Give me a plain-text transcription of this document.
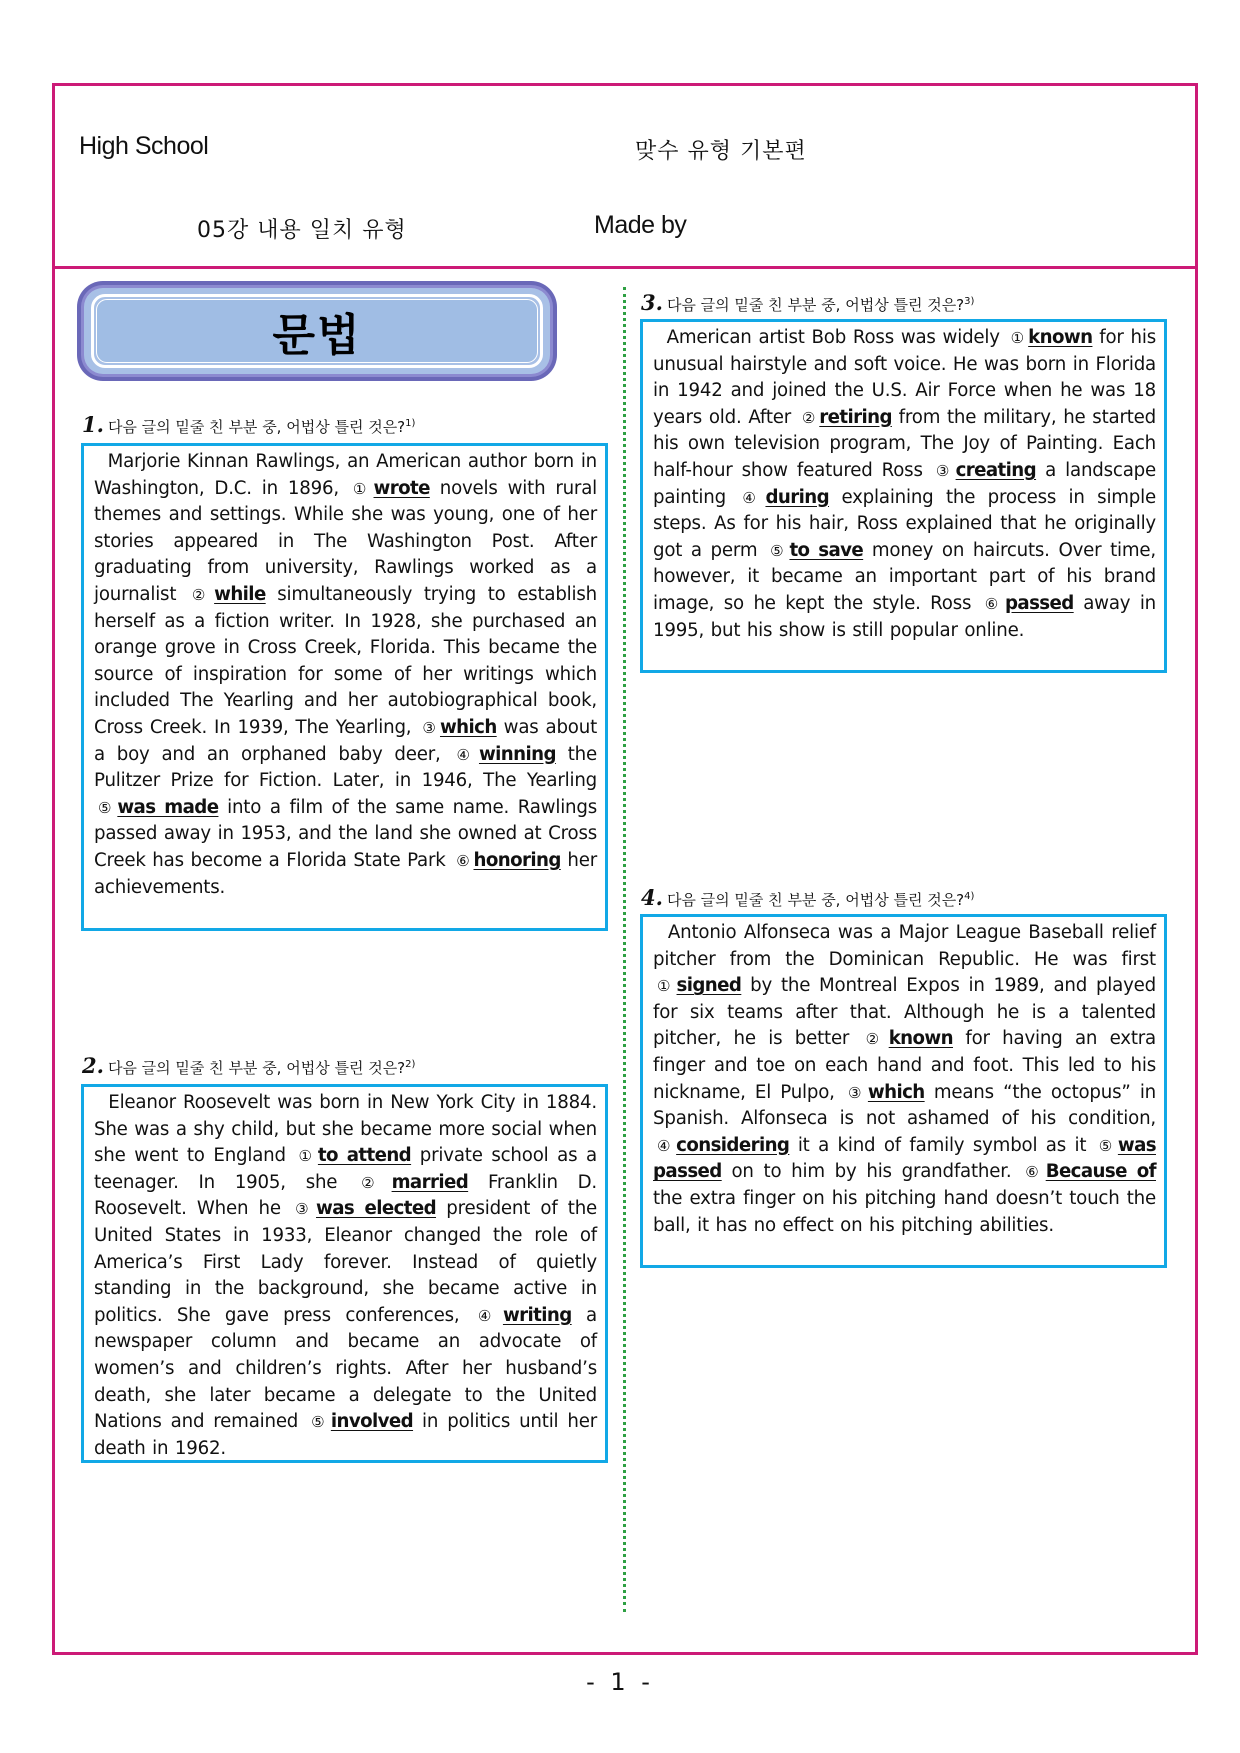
High School	맞수 유형 기본편
05강 내용 일치 유형	Made by
문법
1. 다음 글의 밑줄 친 부분 중, 어법상 틀린 것은?$^{1)}$
Marjorie Kinnan Rawlings, an American author born in Washington, D.C. in 1896, ① wrote novels with rural themes and settings. While she was young, one of her stories appeared in The Washington Post. After graduating from university, Rawlings worked as a journalist ② while simultaneously trying to establish herself as a fiction writer. In 1928, she purchased an orange grove in Cross Creek, Florida. This became the source of inspiration for some of her writings which included The Yearling and her autobiographical book, Cross Creek. In 1939, The Yearling, ③ which was about a boy and an orphaned baby deer, ④ winning the Pulitzer Prize for Fiction. Later, in 1946, The Yearling ⑤ was made into a film of the same name. Rawlings passed away in 1953, and the land she owned at Cross Creek has become a Florida State Park ⑥ honoring her achievements.
2. 다음 글의 밑줄 친 부분 중, 어법상 틀린 것은?$^{2)}$
Eleanor Roosevelt was born in New York City in 1884. She was a shy child, but she became more social when she went to England ① to attend private school as a teenager. In 1905, she ② married Franklin D. Roosevelt. When he ③ was elected president of the United States in 1933, Eleanor changed the role of America’s First Lady forever. Instead of quietly standing in the background, she became active in politics. She gave press conferences, ④ writing a newspaper column and became an advocate of women’s and children’s rights. After her husband’s death, she later became a delegate to the United Nations and remained ⑤ involved in politics until her death in 1962.
3. 다음 글의 밑줄 친 부분 중, 어법상 틀린 것은?$^{3)}$
American artist Bob Ross was widely ① known for his unusual hairstyle and soft voice. He was born in Florida in 1942 and joined the U.S. Air Force when he was 18 years old. After ② retiring from the military, he started his own television program, The Joy of Painting. Each half-hour show featured Ross ③ creating a landscape painting ④ during explaining the process in simple steps. As for his hair, Ross explained that he originally got a perm ⑤ to save money on haircuts. Over time, however, it became an important part of his brand image, so he kept the style. Ross ⑥ passed away in 1995, but his show is still popular online.
4. 다음 글의 밑줄 친 부분 중, 어법상 틀린 것은?$^{4)}$
Antonio Alfonseca was a Major League Baseball relief pitcher from the Dominican Republic. He was first ① signed by the Montreal Expos in 1989, and played for six teams after that. Although he is a talented pitcher, he is better ② known for having an extra finger and toe on each hand and foot. This led to his nickname, El Pulpo, ③ which means “the octopus” in Spanish. Alfonseca is not ashamed of his condition, ④ considering it a kind of family symbol as it ⑤ was passed on to him by his grandfather. ⑥ Because of the extra finger on his pitching hand doesn’t touch the ball, it has no effect on his pitching abilities.
- 1 -
